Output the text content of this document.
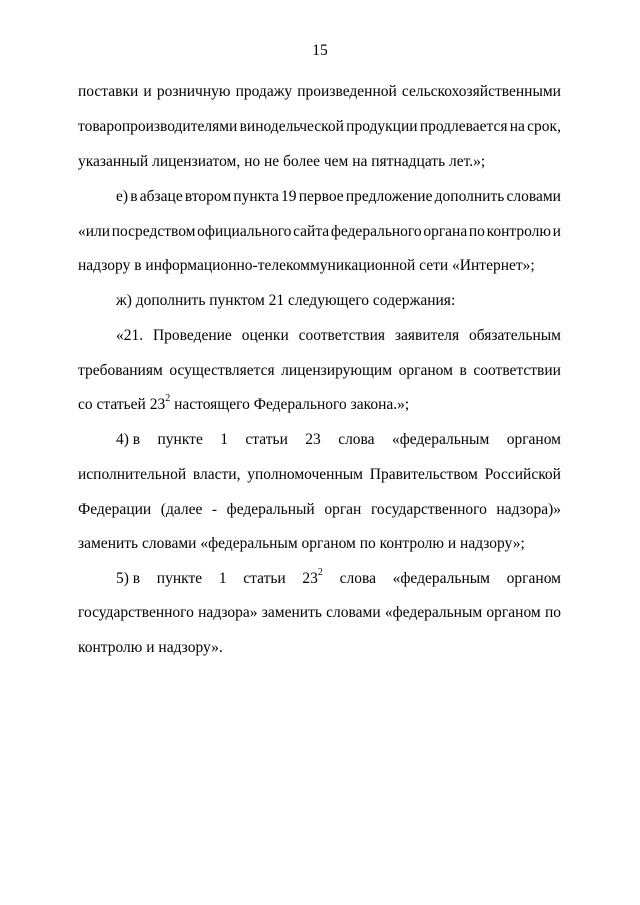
15
поставки и розничную продажу произведенной сельскохозяйственными
товаропроизводителями винодельческой продукции продлевается на срок,
указанный лицензиатом, но не более чем на пятнадцать лет.»;
е) в абзаце втором пункта 19 первое предложение дополнить словами
«или посредством официального сайта федерального органа по контролю и
надзору в информационно-телекоммуникационной сети «Интернет»;
ж) дополнить пунктом 21 следующего содержания:
«21. Проведение оценки соответствия заявителя обязательным
требованиям осуществляется лицензирующим органом в соответствии
со статьей $23^2$ настоящего Федерального закона.»;
4) в пункте 1 статьи 23 слова «федеральным органом
исполнительной власти, уполномоченным Правительством Российской
Федерации (далее - федеральный орган государственного надзора)»
заменить словами «федеральным органом по контролю и надзору»;
5) в пункте 1 статьи $23^2$ слова «федеральным органом
государственного надзора» заменить словами «федеральным органом по
контролю и надзору».
